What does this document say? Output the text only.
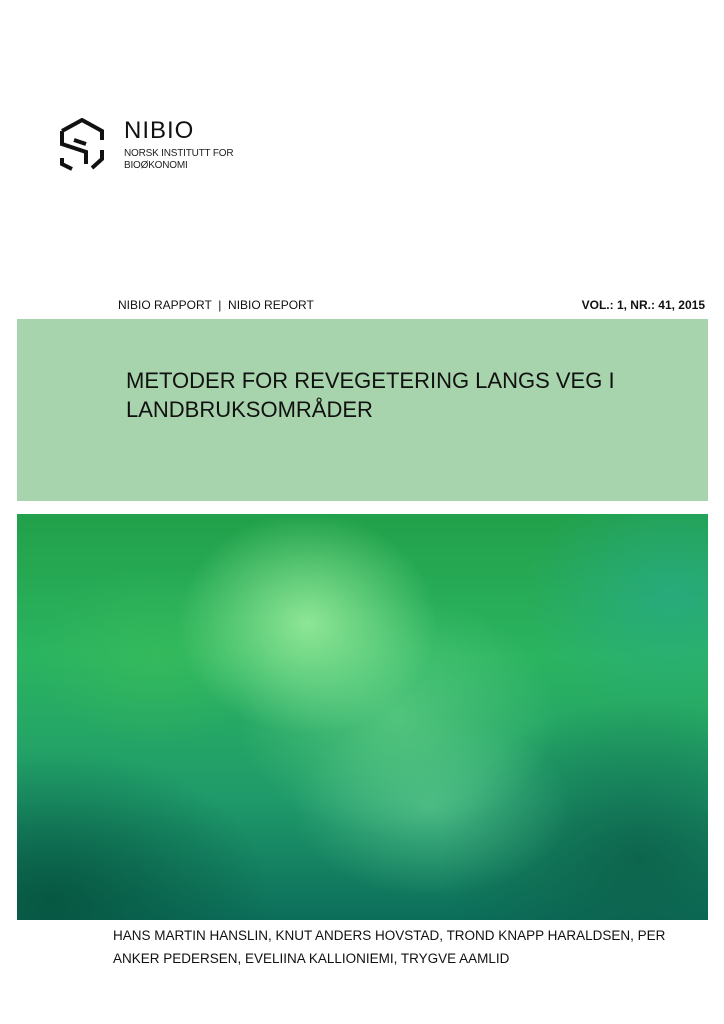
NIBIO
NORSK INSTITUTT FOR BIOØKONOMI
NIBIO RAPPORT  |  NIBIO REPORT	VOL.: 1, NR.: 41, 2015
METODER FOR REVEGETERING LANGS VEG I LANDBRUKSOMRÅDER
HANS MARTIN HANSLIN, KNUT ANDERS HOVSTAD, TROND KNAPP HARALDSEN, PER ANKER PEDERSEN, EVELIINA KALLIONIEMI, TRYGVE AAMLID
